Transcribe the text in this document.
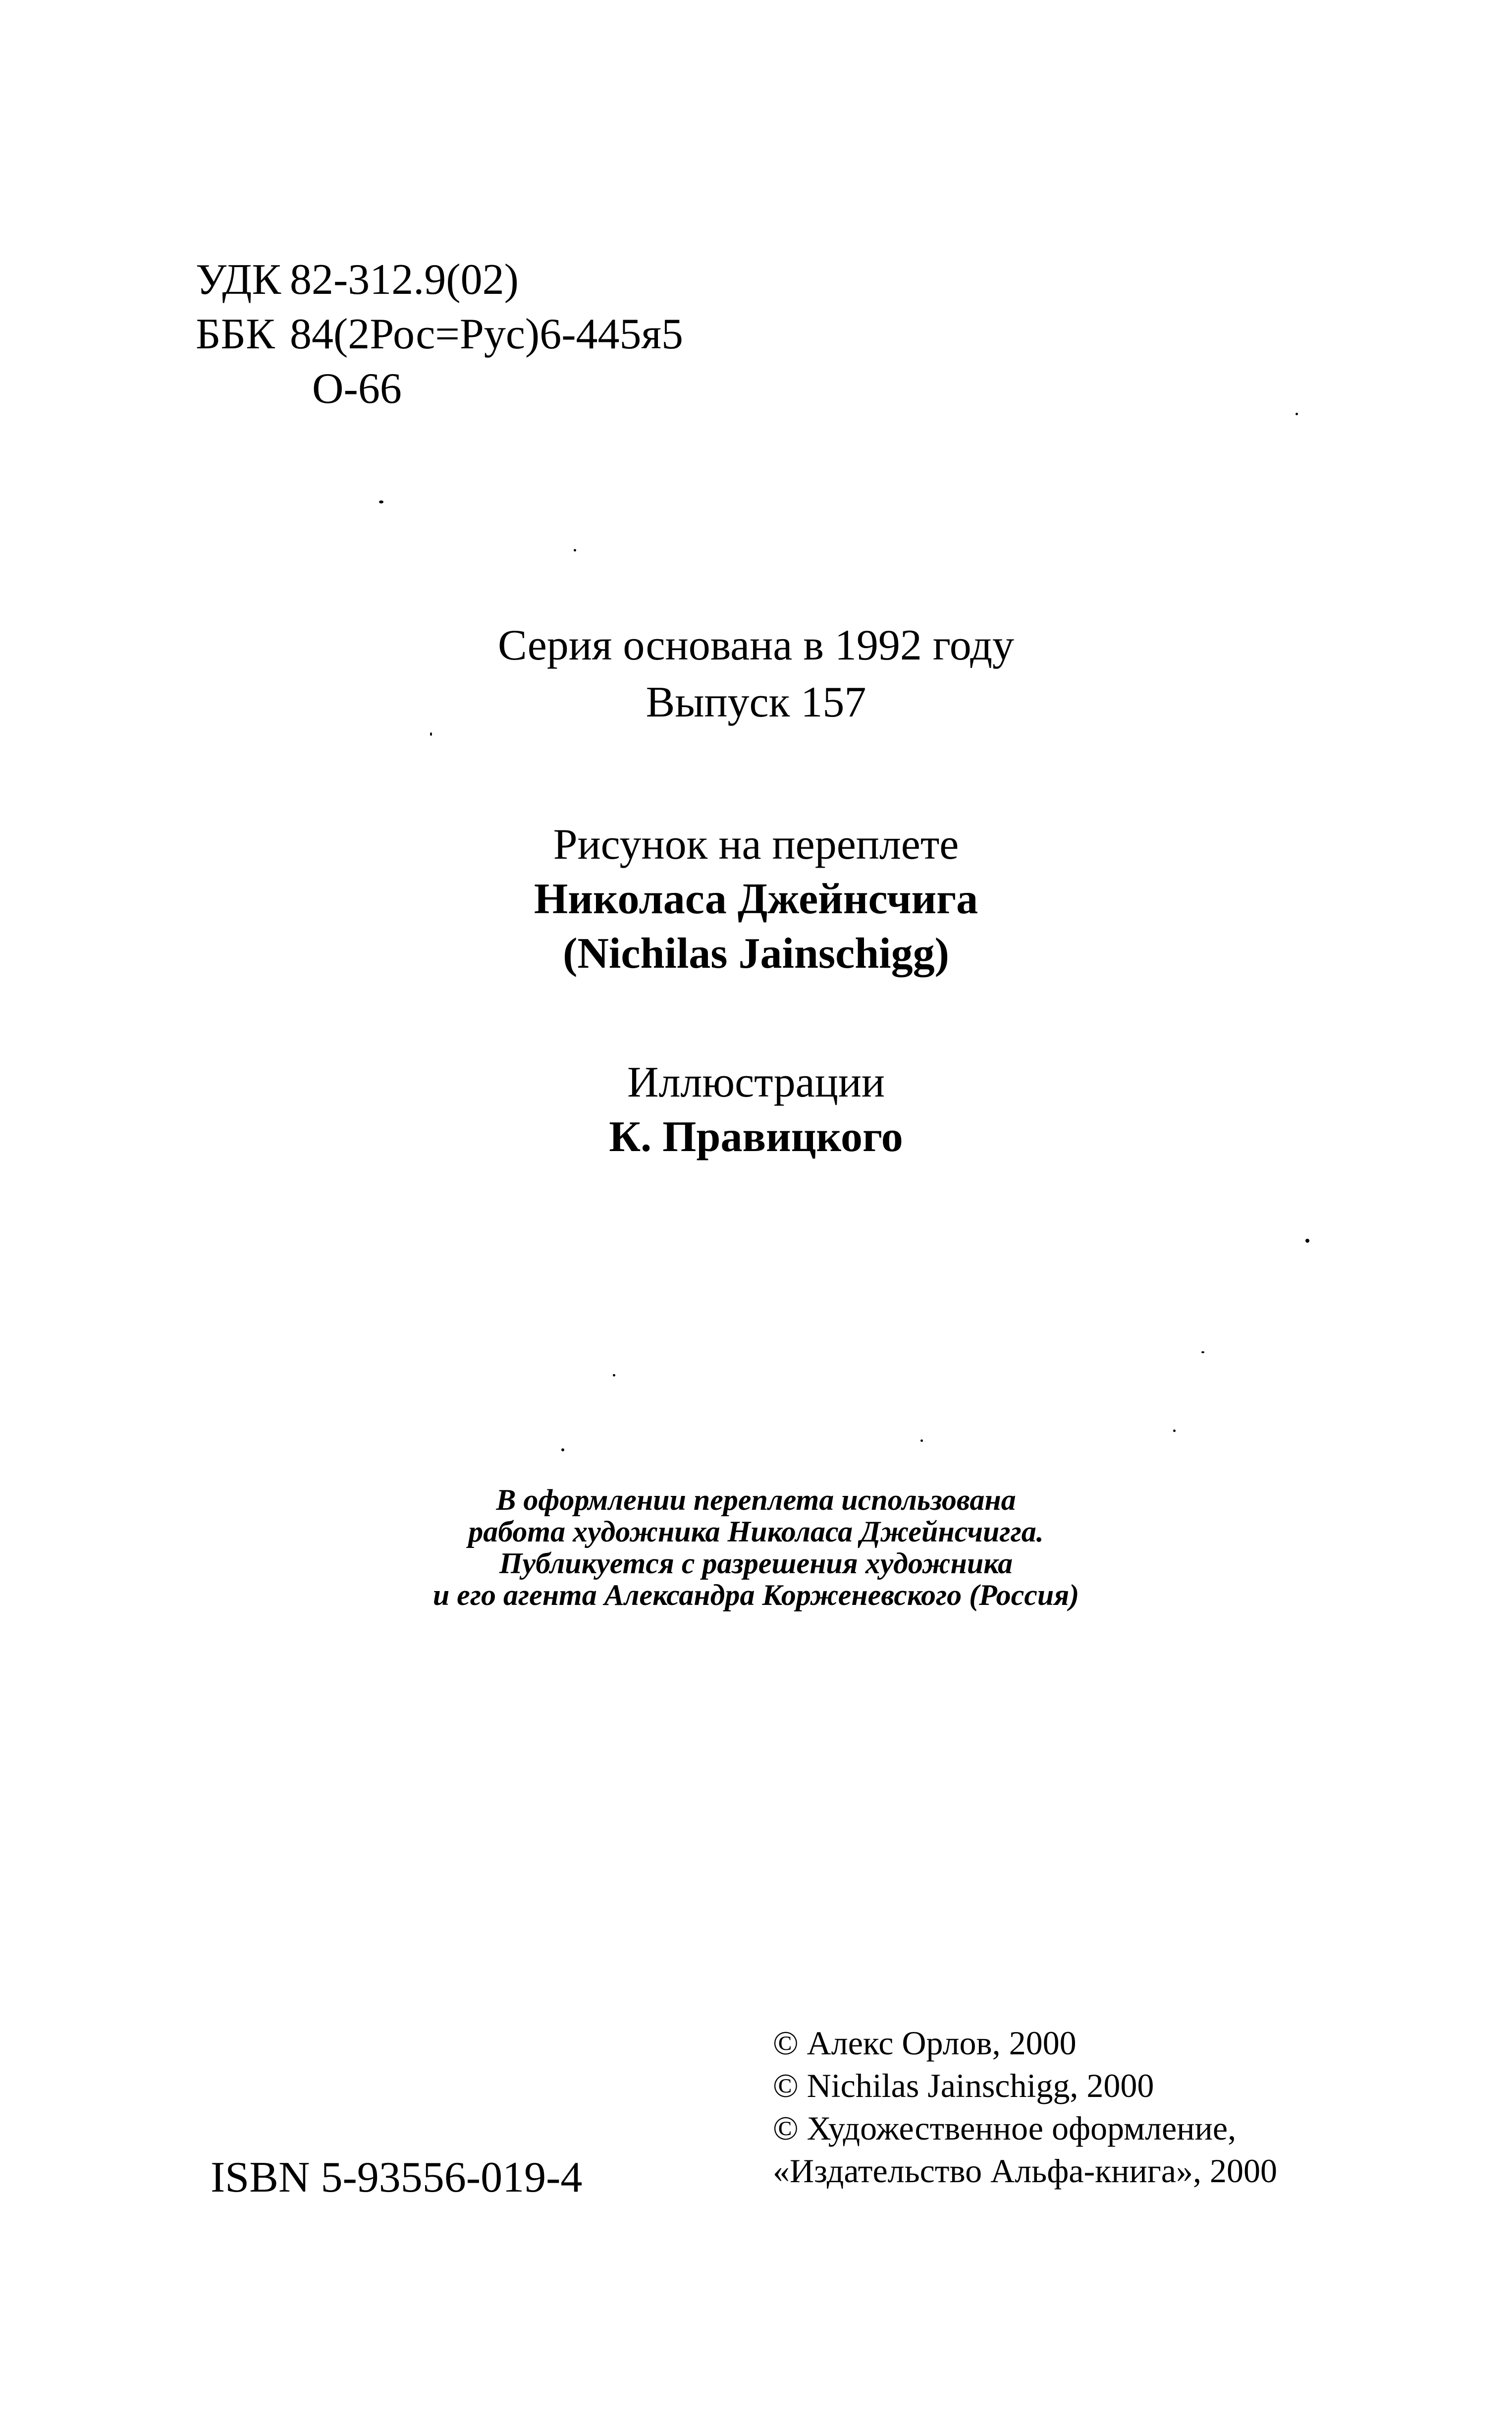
УДК 82-312.9(02)
ББК 84(2Рос=Рус)6-445я5
О-66
Серия основана в 1992 году
Выпуск 157
Рисунок на переплете
Николаса Джейнсчига
(Nichilas Jainschigg)
Иллюстрации
К. Правицкого
В оформлении переплета использована
работа художника Николаса Джейнсчигга.
Публикуется с разрешения художника
и его агента Александра Корженевского (Россия)
© Алекс Орлов, 2000
© Nichilas Jainschigg, 2000
© Художественное оформление,
«Издательство Альфа-книга», 2000
ISBN 5-93556-019-4
